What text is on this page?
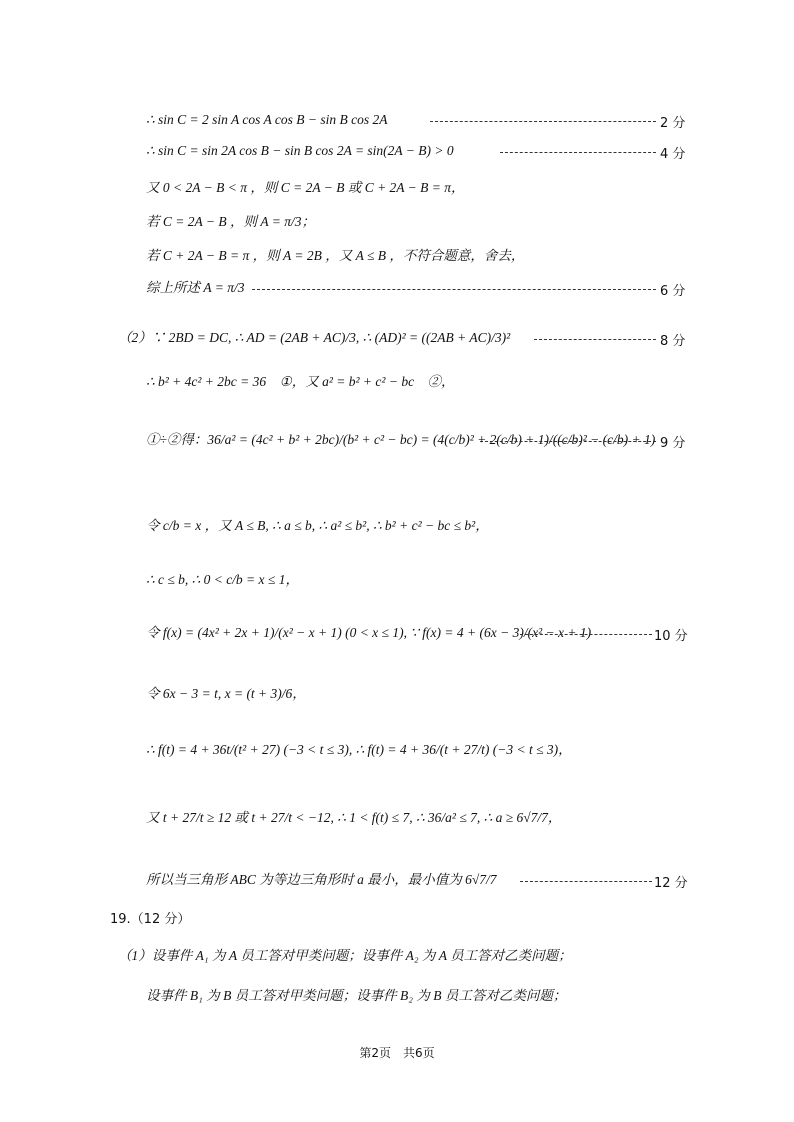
∴ sin C = 2 sin A cos A cos B − sin B cos 2A	2 分
∴ sin C = sin 2A cos B − sin B cos 2A = sin(2A − B) > 0	4 分
又 0 < 2A − B < π ，则 C = 2A − B 或 C + 2A − B = π，
若 C = 2A − B ，则 A = π/3；
若 C + 2A − B = π ，则 A = 2B ，又 A ≤ B ，不符合题意，舍去，
综上所述 A = π/3	6 分
（2）∵ 2BD = DC, ∴ AD = (2AB + AC)/3, ∴ (AD)² = ((2AB + AC)/3)²	8 分
∴ b² + 4c² + 2bc = 36　①，又 a² = b² + c² − bc　②，
①÷②得：36/a² = (4c² + b² + 2bc)/(b² + c² − bc) = (4(c/b)² + 2(c/b) + 1)/((c/b)² − (c/b) + 1) 9 分
令 c/b = x ，又 A ≤ B, ∴ a ≤ b, ∴ a² ≤ b², ∴ b² + c² − bc ≤ b²，
∴ c ≤ b, ∴ 0 < c/b = x ≤ 1，
令 f(x) = (4x² + 2x + 1)/(x² − x + 1) (0 < x ≤ 1), ∵ f(x) = 4 + (6x − 3)/(x² − x + 1)	10 分
令 6x − 3 = t, x = (t + 3)/6，
∴ f(t) = 4 + 36t/(t² + 27) (−3 < t ≤ 3), ∴ f(t) = 4 + 36/(t + 27/t) (−3 < t ≤ 3)，
又 t + 27/t ≥ 12 或 t + 27/t < −12, ∴ 1 < f(t) ≤ 7, ∴ 36/a² ≤ 7, ∴ a ≥ 6√7/7，
所以当三角形 ABC 为等边三角形时 a 最小，最小值为 6√7/7	12 分
19.（12 分）
（1）设事件 A₁ 为 A 员工答对甲类问题；设事件 A₂ 为 A 员工答对乙类问题；
设事件 B₁ 为 B 员工答对甲类问题；设事件 B₂ 为 B 员工答对乙类问题；
第2页　共6页
